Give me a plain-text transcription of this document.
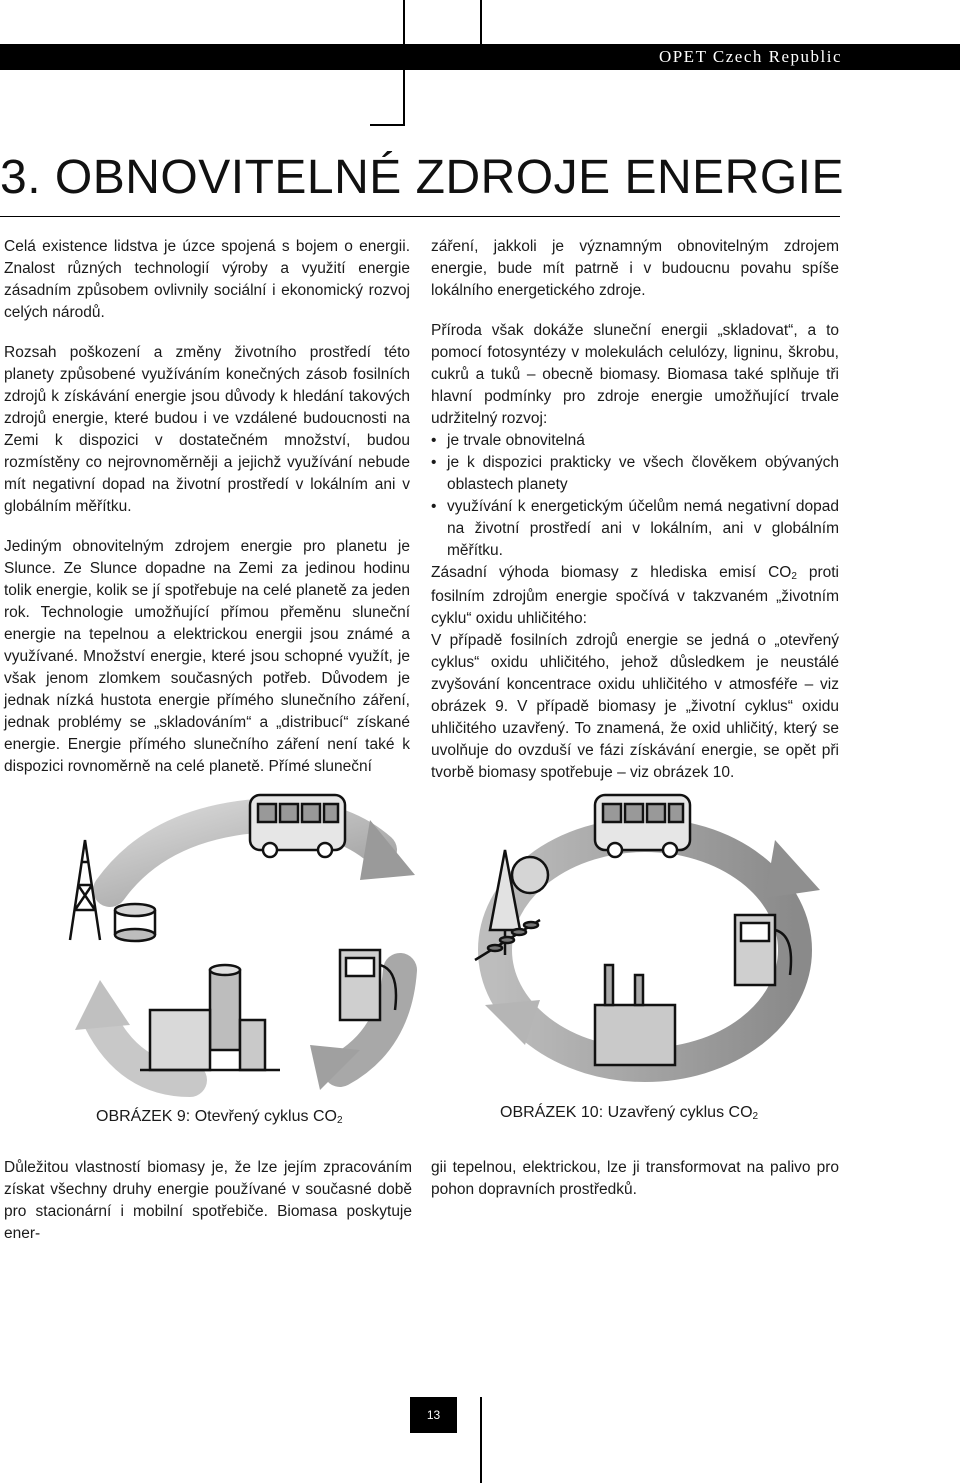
OPET Czech Republic
3. OBNOVITELNÉ ZDROJE ENERGIE

Celá existence lidstva je úzce spojená s bojem o energii. Znalost různých technologií výroby a využití energie zásadním způsobem ovlivnily sociální i ekonomický rozvoj celých národů.

Rozsah poškození a změny životního prostředí této planety způsobené využíváním konečných zásob fosilních zdrojů k získávání energie jsou důvody k hledání takových zdrojů energie, které budou i ve vzdálené budoucnosti na Zemi k dispozici v dostatečném množství, budou rozmístěny co nejrovnoměrněji a jejichž využívání nebude mít negativní dopad na životní prostředí v lokálním ani v globálním měřítku.

Jediným obnovitelným zdrojem energie pro planetu je Slunce. Ze Slunce dopadne na Zemi za jedinou hodinu tolik energie, kolik se jí spotřebuje na celé planetě za jeden rok. Technologie umožňující přímou přeměnu sluneční energie na tepelnou a elektrickou energii jsou známé a využívané. Množství energie, které jsou schopné využít, je však jenom zlomkem současných potřeb. Důvodem je jednak nízká hustota energie přímého slunečního záření, jednak problémy se „skladováním“ a „distribucí“ získané energie. Energie přímého slunečního záření není také k dispozici rovnoměrně na celé planetě. Přímé sluneční

záření, jakkoli je významným obnovitelným zdrojem energie, bude mít patrně i v budoucnu povahu spíše lokálního energetického zdroje.

Příroda však dokáže sluneční energii „skladovat“, a to pomocí fotosyntézy v molekulách celulózy, ligninu, škrobu, cukrů a tuků – obecně biomasy. Biomasa také splňuje tři hlavní podmínky pro zdroje energie umožňující trvale udržitelný rozvoj:

• je trvale obnovitelná
• je k dispozici prakticky ve všech člověkem obývaných oblastech planety
• využívání k energetickým účelům nemá negativní dopad na životní prostředí ani v lokálním, ani v globálním měřítku.

Zásadní výhoda biomasy z hlediska emisí $CO_2$ proti fosilním zdrojům energie spočívá v takzvaném „životním cyklu“ oxidu uhličitého:

V případě fosilních zdrojů energie se jedná o „otevřený cyklus“ oxidu uhličitého, jehož důsledkem je neustálé zvyšování koncentrace oxidu uhličitého v atmosféře – viz obrázek 9. V případě biomasy je „životní cyklus“ oxidu uhličitého uzavřený. To znamená, že oxid uhličitý, který se uvolňuje do ovzduší ve fázi získávání energie, se opět při tvorbě biomasy spotřebuje – viz obrázek 10.

OBRÁZEK 9: Otevřený cyklus $CO_2$	OBRÁZEK 10: Uzavřený cyklus $CO_2$

Důležitou vlastností biomasy je, že lze jejím zpracováním získat všechny druhy energie používané v současné době pro stacionární i mobilní spotřebiče. Biomasa poskytuje ener-

gii tepelnou, elektrickou, lze ji transformovat na palivo pro pohon dopravních prostředků.

13
